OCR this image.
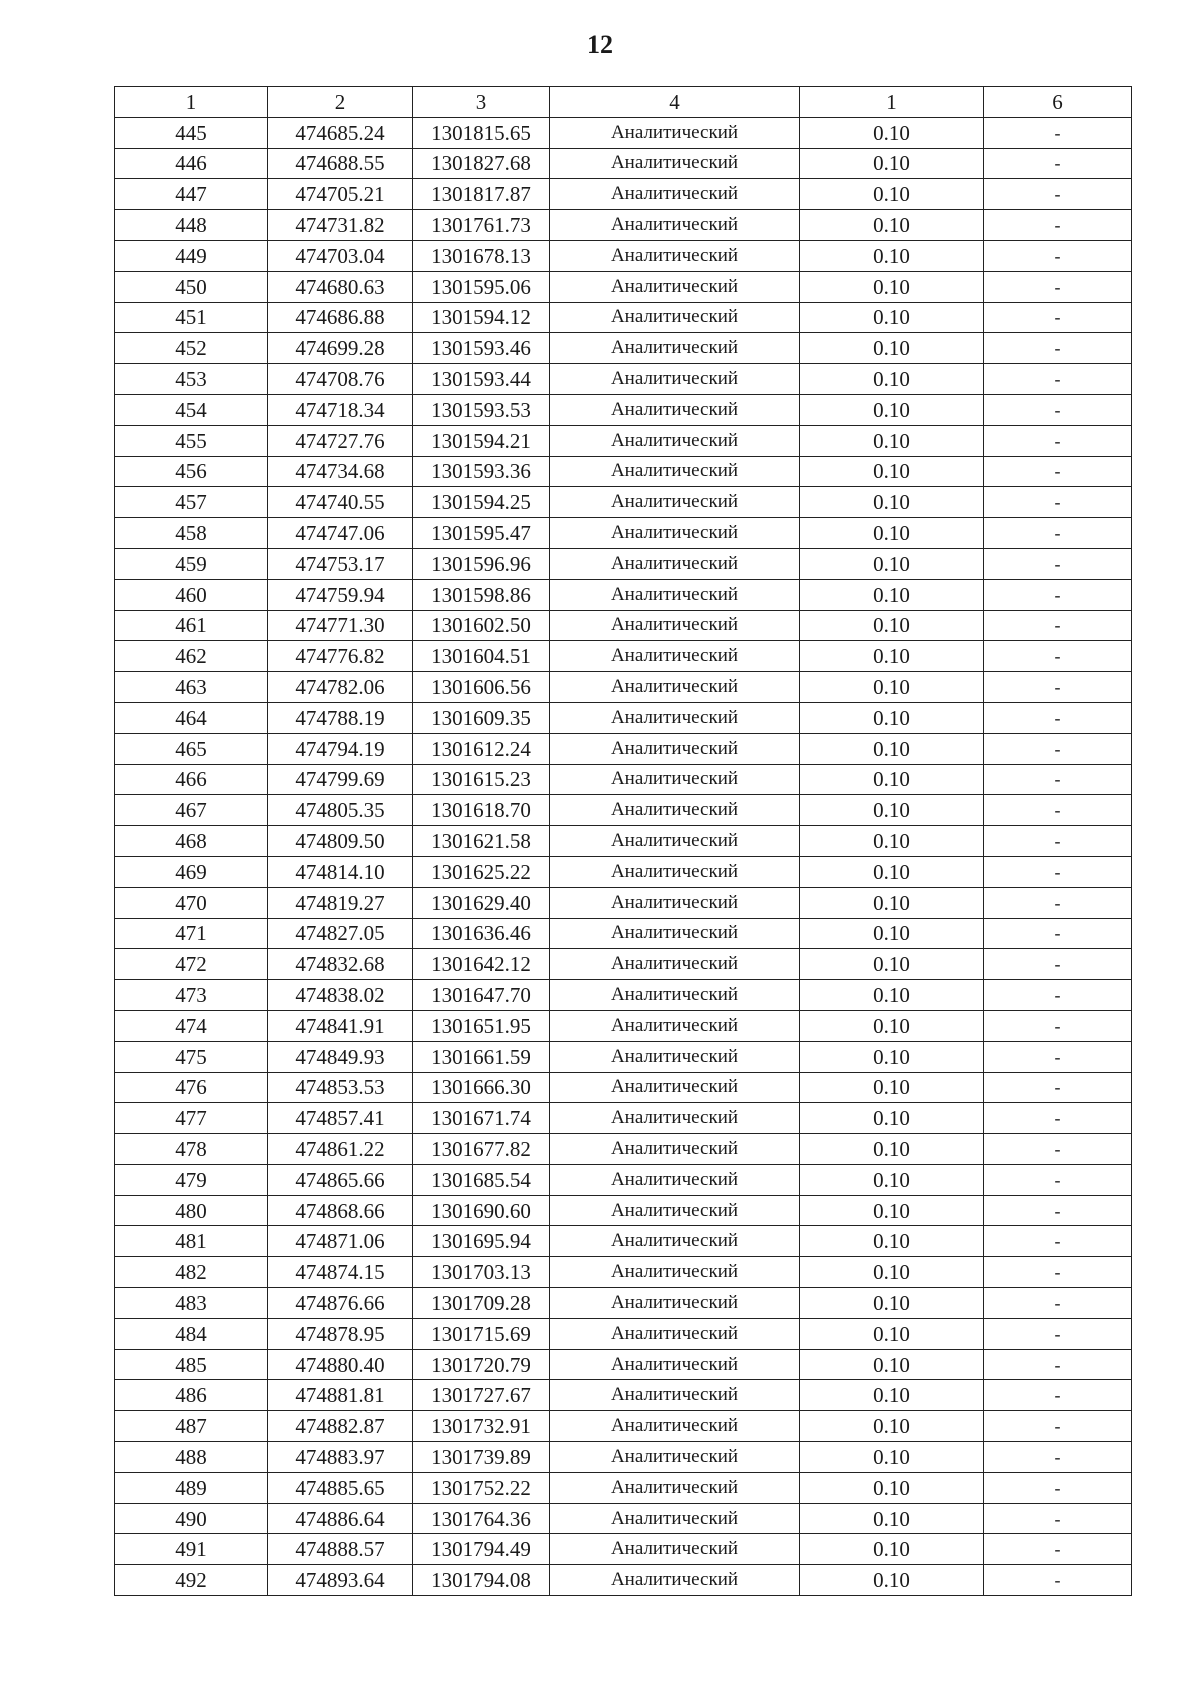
12
1	2	3	4	1	6
445	474685.24	1301815.65	Аналитический	0.10	-
446	474688.55	1301827.68	Аналитический	0.10	-
447	474705.21	1301817.87	Аналитический	0.10	-
448	474731.82	1301761.73	Аналитический	0.10	-
449	474703.04	1301678.13	Аналитический	0.10	-
450	474680.63	1301595.06	Аналитический	0.10	-
451	474686.88	1301594.12	Аналитический	0.10	-
452	474699.28	1301593.46	Аналитический	0.10	-
453	474708.76	1301593.44	Аналитический	0.10	-
454	474718.34	1301593.53	Аналитический	0.10	-
455	474727.76	1301594.21	Аналитический	0.10	-
456	474734.68	1301593.36	Аналитический	0.10	-
457	474740.55	1301594.25	Аналитический	0.10	-
458	474747.06	1301595.47	Аналитический	0.10	-
459	474753.17	1301596.96	Аналитический	0.10	-
460	474759.94	1301598.86	Аналитический	0.10	-
461	474771.30	1301602.50	Аналитический	0.10	-
462	474776.82	1301604.51	Аналитический	0.10	-
463	474782.06	1301606.56	Аналитический	0.10	-
464	474788.19	1301609.35	Аналитический	0.10	-
465	474794.19	1301612.24	Аналитический	0.10	-
466	474799.69	1301615.23	Аналитический	0.10	-
467	474805.35	1301618.70	Аналитический	0.10	-
468	474809.50	1301621.58	Аналитический	0.10	-
469	474814.10	1301625.22	Аналитический	0.10	-
470	474819.27	1301629.40	Аналитический	0.10	-
471	474827.05	1301636.46	Аналитический	0.10	-
472	474832.68	1301642.12	Аналитический	0.10	-
473	474838.02	1301647.70	Аналитический	0.10	-
474	474841.91	1301651.95	Аналитический	0.10	-
475	474849.93	1301661.59	Аналитический	0.10	-
476	474853.53	1301666.30	Аналитический	0.10	-
477	474857.41	1301671.74	Аналитический	0.10	-
478	474861.22	1301677.82	Аналитический	0.10	-
479	474865.66	1301685.54	Аналитический	0.10	-
480	474868.66	1301690.60	Аналитический	0.10	-
481	474871.06	1301695.94	Аналитический	0.10	-
482	474874.15	1301703.13	Аналитический	0.10	-
483	474876.66	1301709.28	Аналитический	0.10	-
484	474878.95	1301715.69	Аналитический	0.10	-
485	474880.40	1301720.79	Аналитический	0.10	-
486	474881.81	1301727.67	Аналитический	0.10	-
487	474882.87	1301732.91	Аналитический	0.10	-
488	474883.97	1301739.89	Аналитический	0.10	-
489	474885.65	1301752.22	Аналитический	0.10	-
490	474886.64	1301764.36	Аналитический	0.10	-
491	474888.57	1301794.49	Аналитический	0.10	-
492	474893.64	1301794.08	Аналитический	0.10	-
